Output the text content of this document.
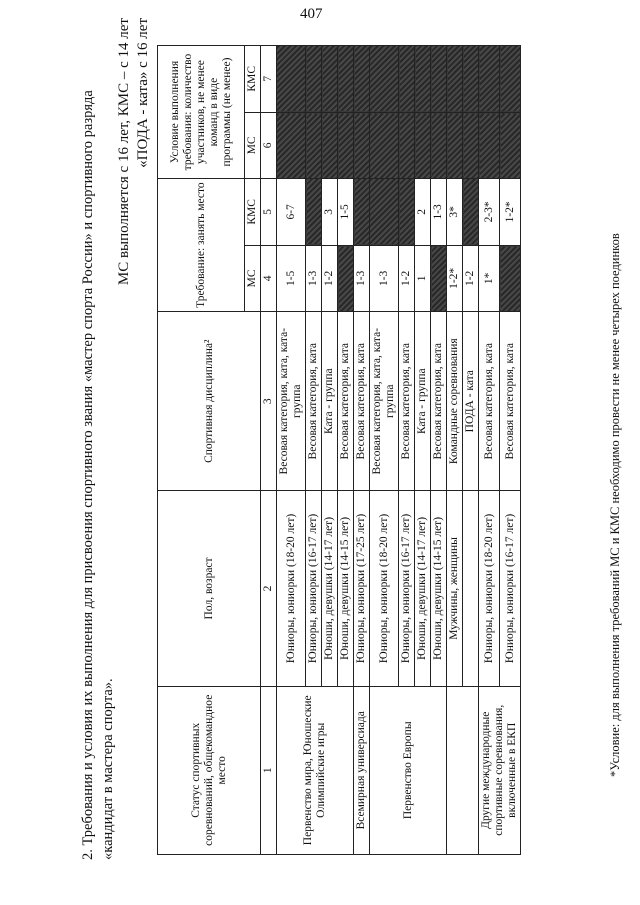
407
2. Требования и условия их выполнения для присвоения спортивного звания «мастер спорта России» и спортивного разряда «кандидат в мастера спорта».
МС выполняется с 16 лет, КМС – с 14 лет «ПОДА - ката» с 16 лет
Статус спортивных соревнований, общекомандное место	Пол, возраст	Спортивная дисциплина²	Требование: занять место		Условие выполнения требования: количество участников, не менее команд в виде программы (не менее)	
			МС	КМС	МС	КМС
1	2	3	4	5	6	7
Первенство мира, Юношеские Олимпийские игры	Юниоры, юниорки (18-20 лет)	Весовая категория, ката, ката-группа	1-5	6-7		
	Юниоры, юниорки (16-17 лет)	Весовая категория, ката	1-3			
	Юноши, девушки (14-17 лет)	Ката - группа	1-2	3		
	Юноши, девушки (14-15 лет)	Весовая категория, ката		1-5		
Всемирная универсиада	Юниоры, юниорки (17-25 лет)	Весовая категория, ката	1-3			
Первенство Европы	Юниоры, юниорки (18-20 лет)	Весовая категория, ката, ката-группа	1-3			
	Юниоры, юниорки (16-17 лет)	Весовая категория, ката	1-2			
	Юноши, девушки (14-17 лет)	Ката - группа	1	2		
	Юноши, девушки (14-15 лет)	Весовая категория, ката		1-3		
	Мужчины, женщины	Командные соревнования	1-2*	3*		
		ПОДА - ката	1-2			
Другие международные спортивные соревнования, включенные в ЕКП	Юниоры, юниорки (18-20 лет)	Весовая категория, ката	1*	2-3*		
	Юниоры, юниорки (16-17 лет)	Весовая категория, ката		1-2*		
*Условие: для выполнения требований МС и КМС необходимо провести не менее четырех поединков
